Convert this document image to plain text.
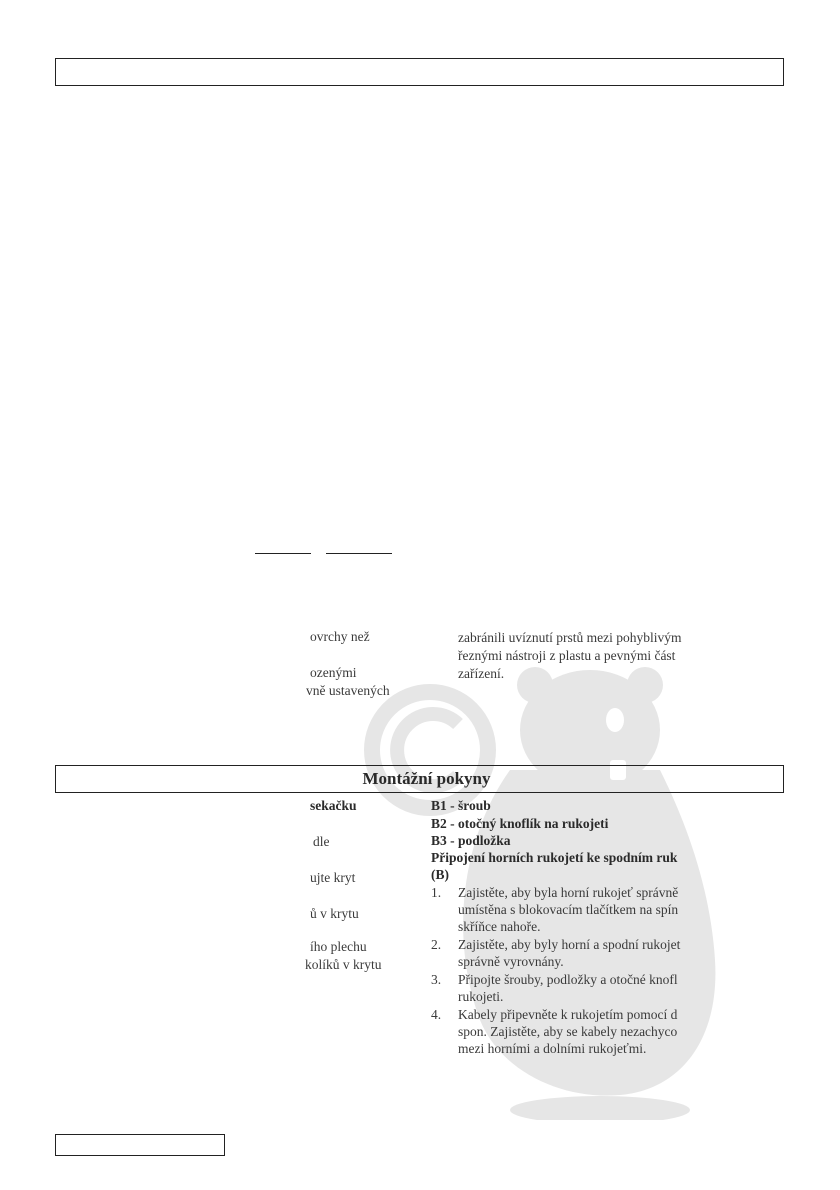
ovrchy než
ozenými
vně ustavených
zabránili uvíznutí prstů mezi pohyblivým
řeznými nástroji z plastu a pevnými část
zařízení.
Montážní pokyny
sekačku
dle
ujte kryt
ů v krytu
ího plechu
kolíků v krytu
B1 - šroub
B2 - otočný knoflík na rukojeti
B3 - podložka
Připojení horních rukojetí ke spodním ruk
(B)
1. Zajistěte, aby byla horní rukojeť správně
umístěna s blokovacím tlačítkem na spín
skříňce nahoře.
2. Zajistěte, aby byly horní a spodní rukojet
správně vyrovnány.
3. Připojte šrouby, podložky a otočné knofl
rukojeti.
4. Kabely připevněte k rukojetím pomocí d
spon. Zajistěte, aby se kabely nezachyco
mezi horními a dolními rukojeťmi.
